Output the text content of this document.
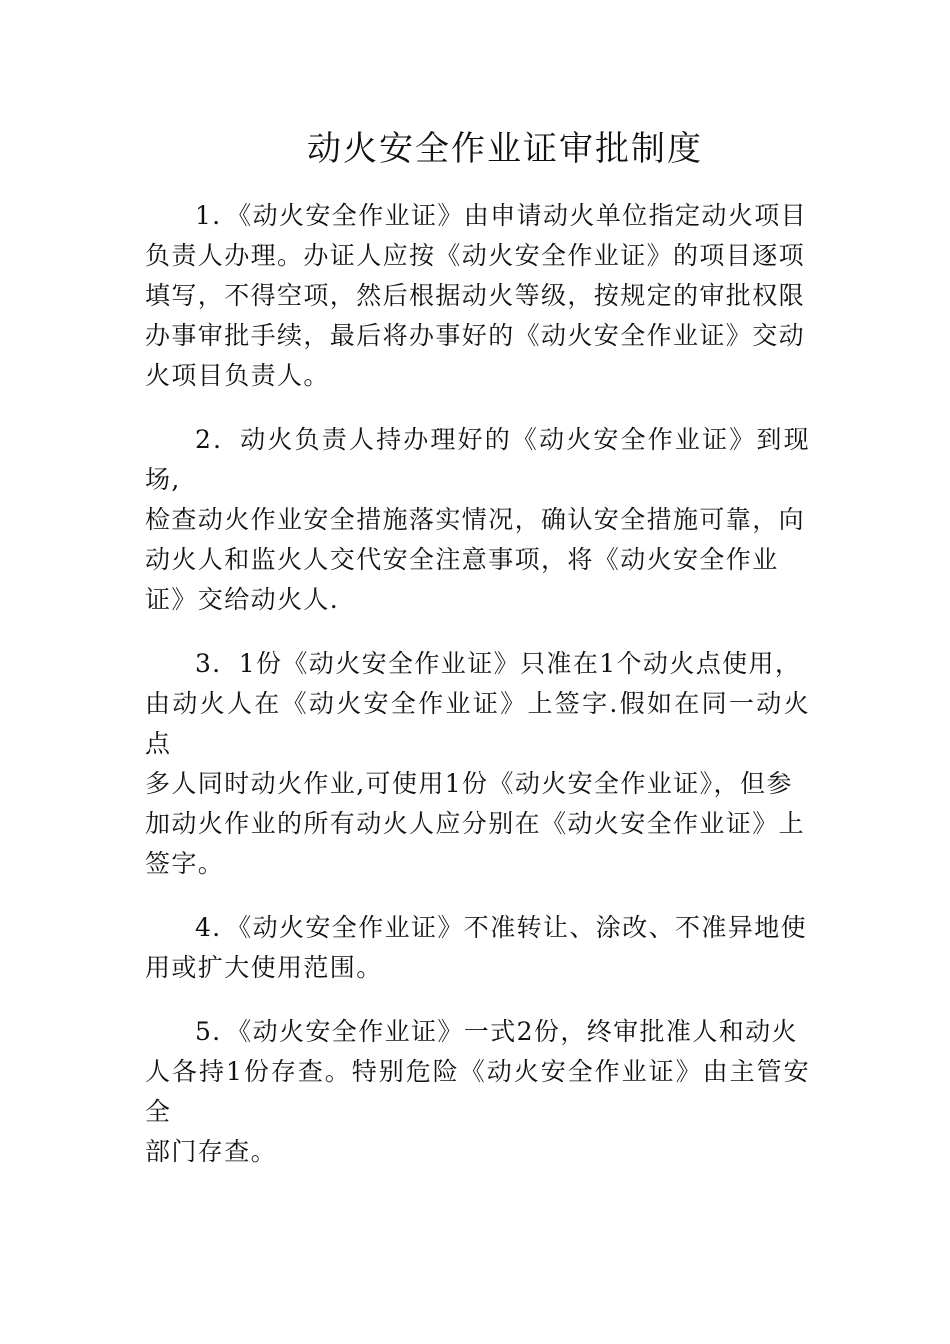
动火安全作业证审批制度

1．《动火安全作业证》由申请动火单位指定动火项目
负责人办理。办证人应按《动火安全作业证》的项目逐项
填写，不得空项，然后根据动火等级，按规定的审批权限
办事审批手续，最后将办事好的《动火安全作业证》交动
火项目负责人。

2．动火负责人持办理好的《动火安全作业证》到现场,
检查动火作业安全措施落实情况，确认安全措施可靠，向
动火人和监火人交代安全注意事项，将《动火安全作业
证》交给动火人.

3．1份《动火安全作业证》只准在1个动火点使用，
由动火人在《动火安全作业证》上签字.假如在同一动火点
多人同时动火作业,可使用1份《动火安全作业证》，但参
加动火作业的所有动火人应分别在《动火安全作业证》上
签字。

4．《动火安全作业证》不准转让、涂改、不准异地使
用或扩大使用范围。

5．《动火安全作业证》一式2份，终审批准人和动火
人各持1份存查。特别危险《动火安全作业证》由主管安全
部门存查。
